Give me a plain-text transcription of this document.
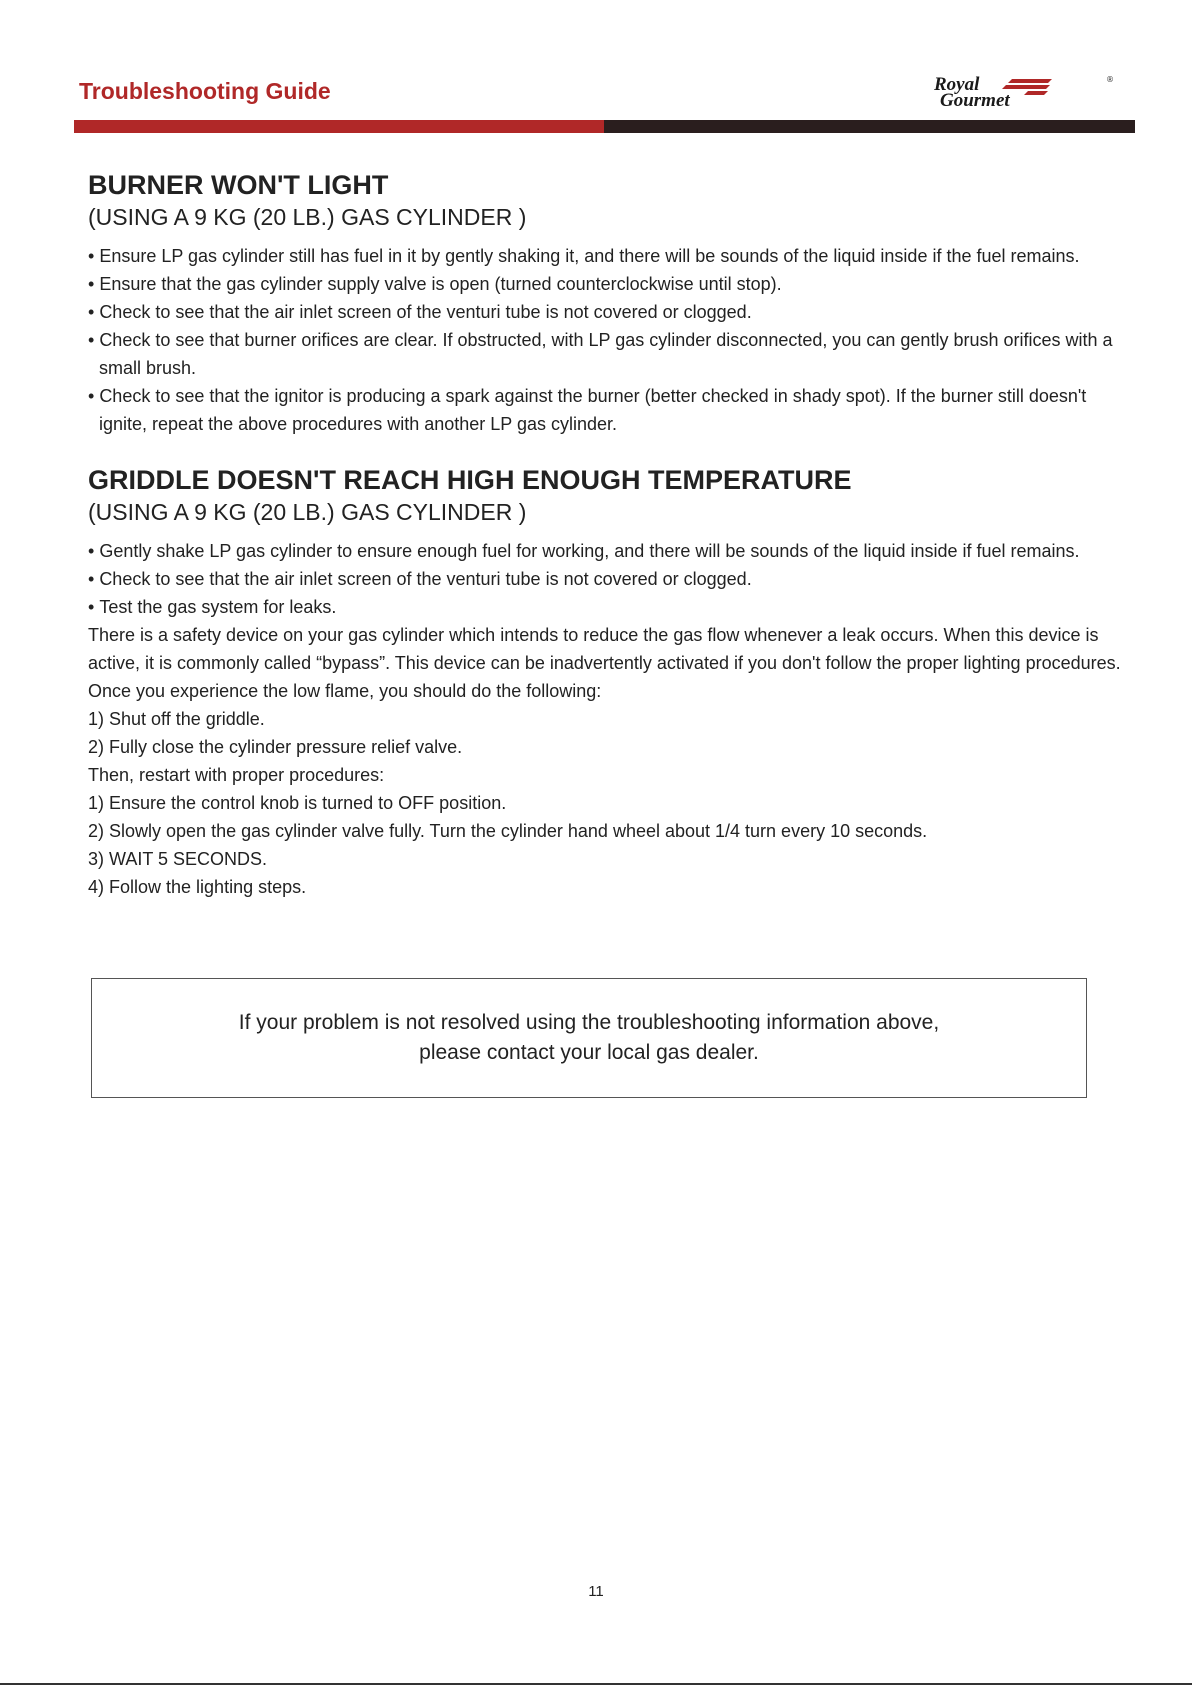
Troubleshooting Guide	Royal
Gourmet
®
BURNER WON'T LIGHT

(USING A 9 KG (20 LB.) GAS CYLINDER )

• Ensure LP gas cylinder still has fuel in it by gently shaking it, and there will be sounds of the liquid inside if the fuel remains.
• Ensure that the gas cylinder supply valve is open (turned counterclockwise until stop).
• Check to see that the air inlet screen of the venturi tube is not covered or clogged.
• Check to see that burner orifices are clear. If obstructed, with LP gas cylinder disconnected, you can gently brush orifices with a small brush.
• Check to see that the ignitor is producing a spark against the burner (better checked in shady spot). If the burner still doesn't ignite, repeat the above procedures with another LP gas cylinder.
GRIDDLE DOESN'T REACH HIGH ENOUGH TEMPERATURE

(USING A 9 KG (20 LB.) GAS CYLINDER )

• Gently shake LP gas cylinder to ensure enough fuel for working, and there will be sounds of the liquid inside if fuel remains.
• Check to see that the air inlet screen of the venturi tube is not covered or clogged.
• Test the gas system for leaks.

There is a safety device on your gas cylinder which intends to reduce the gas flow whenever a leak occurs. When this device is active, it is commonly called “bypass”. This device can be inadvertently activated if you don't follow the proper lighting procedures. Once you experience the low flame, you should do the following:

1) Shut off the griddle.

2) Fully close the cylinder pressure relief valve.

Then, restart with proper procedures:

1) Ensure the control knob is turned to OFF position.

2) Slowly open the gas cylinder valve fully. Turn the cylinder hand wheel about 1/4 turn every 10 seconds.

3) WAIT 5 SECONDS.

4) Follow the lighting steps.

If your problem is not resolved using the troubleshooting information above,
please contact your local gas dealer.
11
